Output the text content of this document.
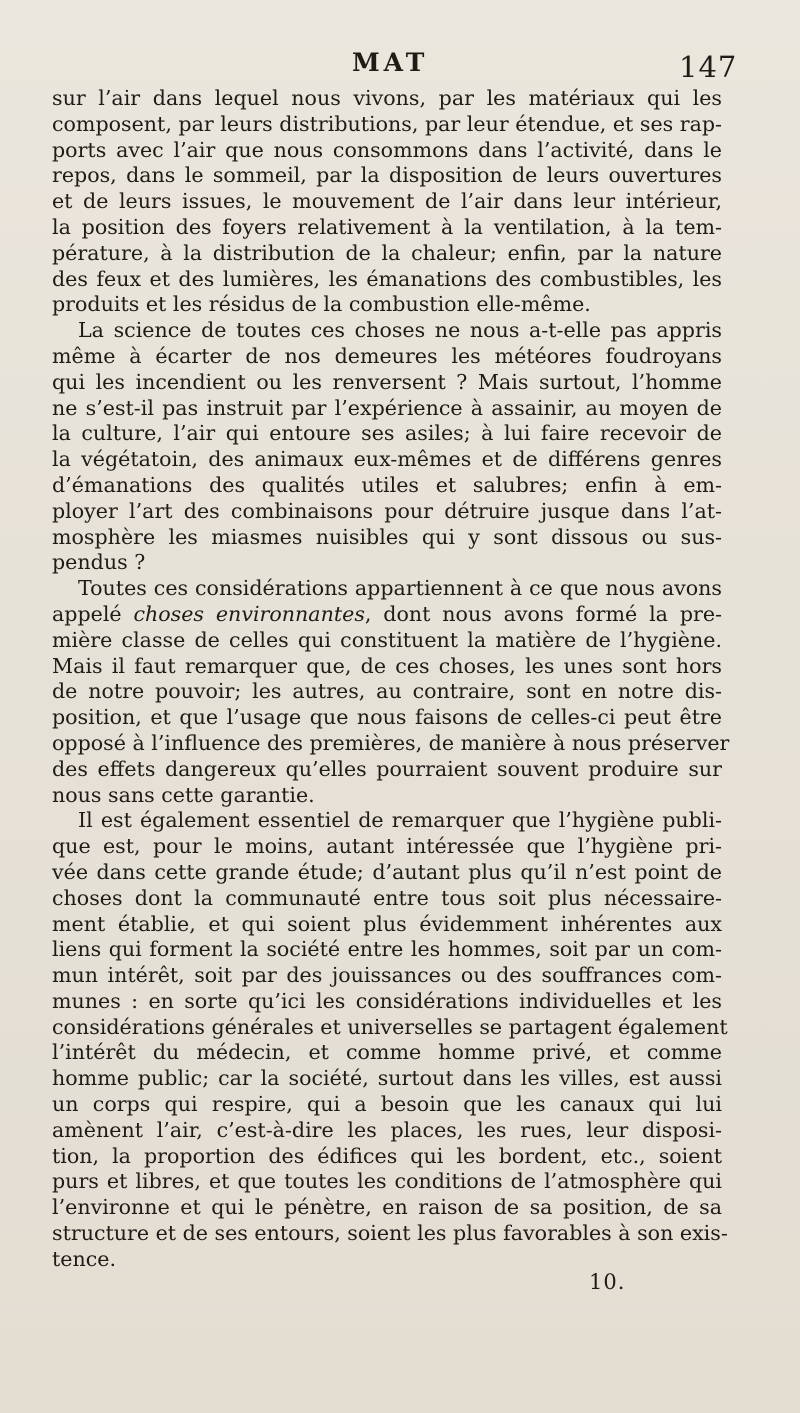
MAT	147

sur l’air dans lequel nous vivons, par les matériaux qui les
composent, par leurs distributions, par leur étendue, et ses rap-
ports avec l’air que nous consommons dans l’activité, dans le
repos, dans le sommeil, par la disposition de leurs ouvertures
et de leurs issues, le mouvement de l’air dans leur intérieur,
la position des foyers relativement à la ventilation, à la tem-
pérature, à la distribution de la chaleur; enfin, par la nature
des feux et des lumières, les émanations des combustibles, les
produits et les résidus de la combustion elle-même.

La science de toutes ces choses ne nous a-t-elle pas appris
même à écarter de nos demeures les météores foudroyans
qui les incendient ou les renversent ? Mais surtout, l’homme
ne s’est-il pas instruit par l’expérience à assainir, au moyen de
la culture, l’air qui entoure ses asiles; à lui faire recevoir de
la végétatoin, des animaux eux-mêmes et de différens genres
d’émanations des qualités utiles et salubres; enfin à em-
ployer l’art des combinaisons pour détruire jusque dans l’at-
mosphère les miasmes nuisibles qui y sont dissous ou sus-
pendus ?

Toutes ces considérations appartiennent à ce que nous avons
appelé choses environnantes, dont nous avons formé la pre-
mière classe de celles qui constituent la matière de l’hygiène.
Mais il faut remarquer que, de ces choses, les unes sont hors
de notre pouvoir; les autres, au contraire, sont en notre dis-
position, et que l’usage que nous faisons de celles-ci peut être
opposé à l’influence des premières, de manière à nous préserver
des effets dangereux qu’elles pourraient souvent produire sur
nous sans cette garantie.

Il est également essentiel de remarquer que l’hygiène publi-
que est, pour le moins, autant intéressée que l’hygiène pri-
vée dans cette grande étude; d’autant plus qu’il n’est point de
choses dont la communauté entre tous soit plus nécessaire-
ment établie, et qui soient plus évidemment inhérentes aux
liens qui forment la société entre les hommes, soit par un com-
mun intérêt, soit par des jouissances ou des souffrances com-
munes : en sorte qu’ici les considérations individuelles et les
considérations générales et universelles se partagent également
l’intérêt du médecin, et comme homme privé, et comme
homme public; car la société, surtout dans les villes, est aussi
un corps qui respire, qui a besoin que les canaux qui lui
amènent l’air, c’est-à-dire les places, les rues, leur disposi-
tion, la proportion des édifices qui les bordent, etc., soient
purs et libres, et que toutes les conditions de l’atmosphère qui
l’environne et qui le pénètre, en raison de sa position, de sa
structure et de ses entours, soient les plus favorables à son exis-
tence.

10.
